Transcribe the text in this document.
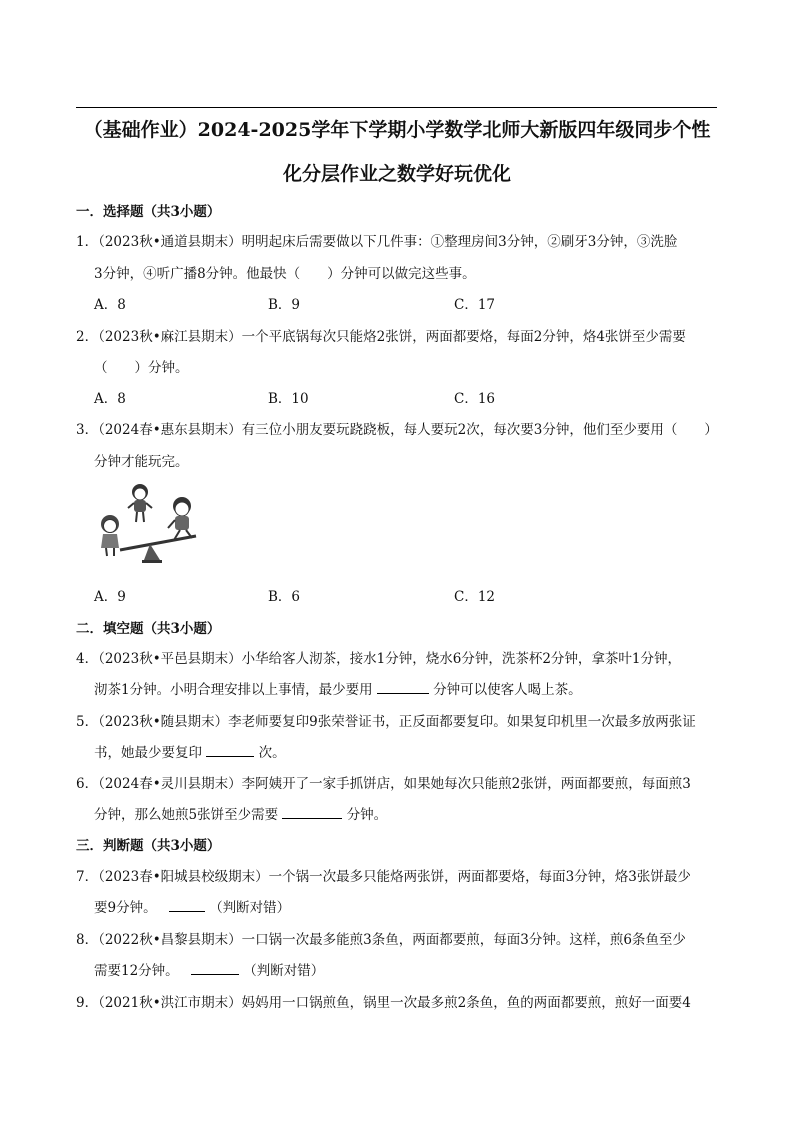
（基础作业）2024-2025学年下学期小学数学北师大新版四年级同步个性
化分层作业之数学好玩优化
一．选择题（共3小题）
1．（2023秋•通道县期末）明明起床后需要做以下几件事：①整理房间3分钟，②刷牙3分钟，③洗脸
3分钟，④听广播8分钟。他最快（　　）分钟可以做完这些事。
A．8	B．9	C．17
2．（2023秋•麻江县期末）一个平底锅每次只能烙2张饼，两面都要烙，每面2分钟，烙4张饼至少需要
（　　）分钟。
A．8	B．10	C．16
3．（2024春•惠东县期末）有三位小朋友要玩跷跷板，每人要玩2次，每次要3分钟，他们至少要用（　　）
分钟才能玩完。
A．9	B．6	C．12
二．填空题（共3小题）
4．（2023秋•平邑县期末）小华给客人沏茶，接水1分钟，烧水6分钟，洗茶杯2分钟，拿茶叶1分钟，
沏茶1分钟。小明合理安排以上事情，最少要用	分钟可以使客人喝上茶。
5．（2023秋•随县期末）李老师要复印9张荣誉证书，正反面都要复印。如果复印机里一次最多放两张证
书，她最少要复印	次。
6．（2024春•灵川县期末）李阿姨开了一家手抓饼店，如果她每次只能煎2张饼，两面都要煎，每面煎3
分钟，那么她煎5张饼至少需要	分钟。
三．判断题（共3小题）
7．（2023春•阳城县校级期末）一个锅一次最多只能烙两张饼，两面都要烙，每面3分钟，烙3张饼最少
要9分钟。	（判断对错）
8．（2022秋•昌黎县期末）一口锅一次最多能煎3条鱼，两面都要煎，每面3分钟。这样，煎6条鱼至少
需要12分钟。	（判断对错）
9．（2021秋•洪江市期末）妈妈用一口锅煎鱼，锅里一次最多煎2条鱼，鱼的两面都要煎，煎好一面要4
